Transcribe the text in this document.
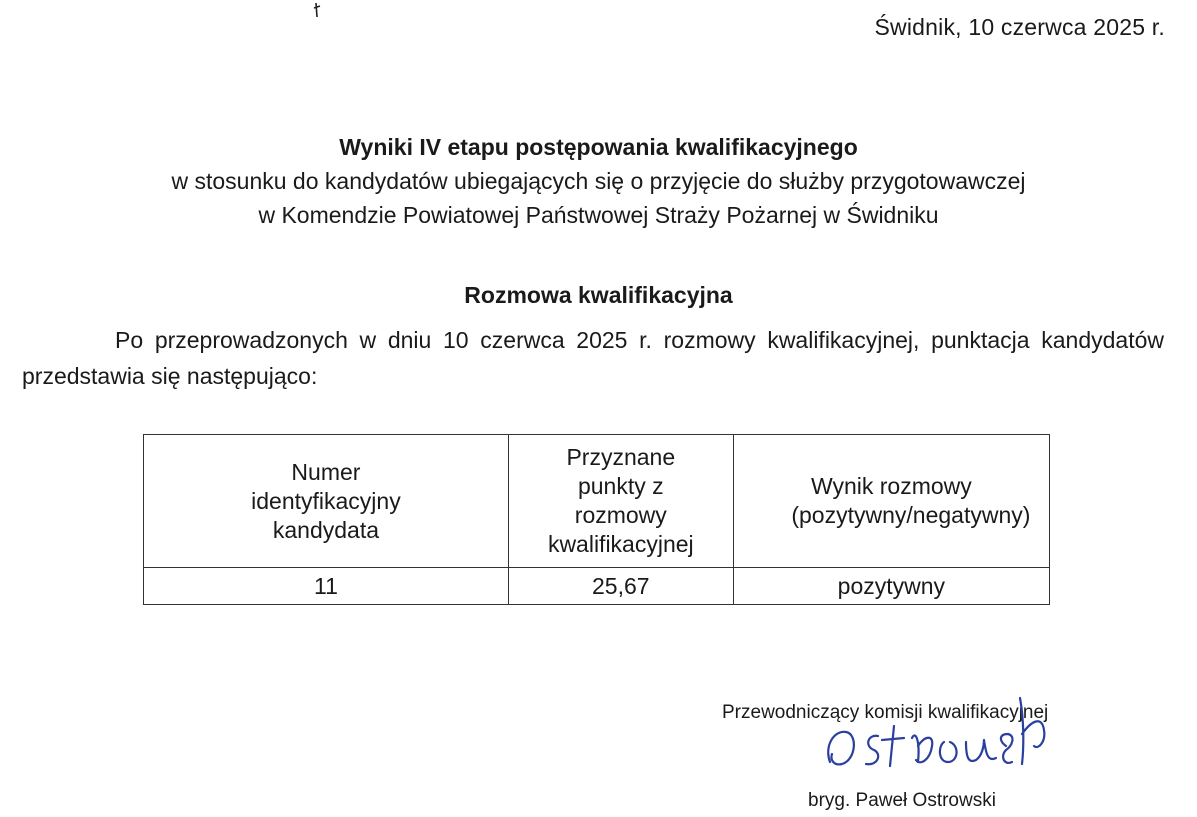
Świdnik, 10 czerwca 2025 r.
Wyniki IV etapu postępowania kwalifikacyjnego
w stosunku do kandydatów ubiegających się o przyjęcie do służby przygotowawczej
w Komendzie Powiatowej Państwowej Straży Pożarnej w Świdniku
Rozmowa kwalifikacyjna
Po przeprowadzonych w dniu 10 czerwca 2025 r. rozmowy kwalifikacyjnej, punktacja kandydatów przedstawia się następująco:
Numer identyfikacyjny kandydata	Przyznane punkty z rozmowy kwalifikacyjnej	Wynik rozmowy (pozytywny/negatywny)

11	25,67	pozytywny
Przewodniczący komisji kwalifikacyjnej
bryg. Paweł Ostrowski
